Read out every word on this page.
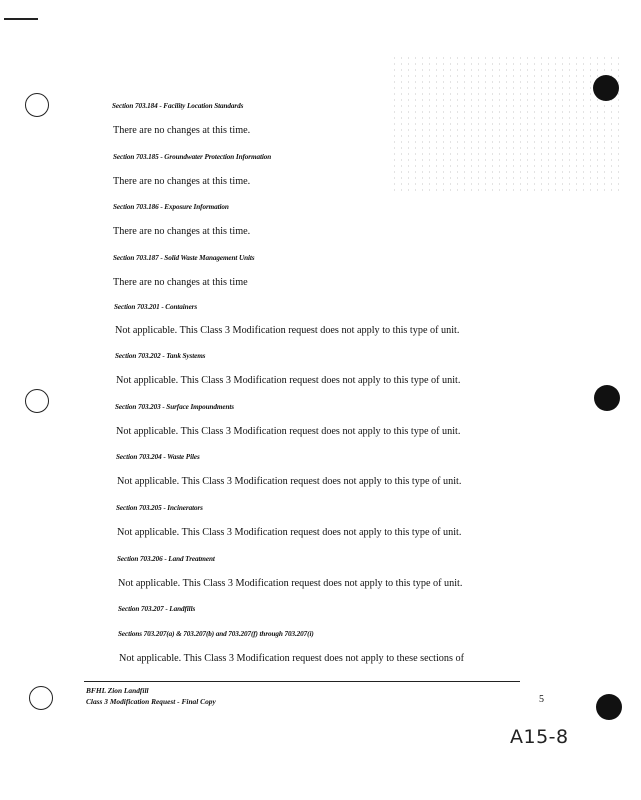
Section 703.184 - Facility Location Standards
There are no changes at this time.
Section 703.185 - Groundwater Protection Information
There are no changes at this time.
Section 703.186 - Exposure Information
There are no changes at this time.
Section 703.187 - Solid Waste Management Units
There are no changes at this time
Section 703.201 - Containers
Not applicable. This Class 3 Modification request does not apply to this type of unit.
Section 703.202 - Tank Systems
Not applicable. This Class 3 Modification request does not apply to this type of unit.
Section 703.203 - Surface Impoundments
Not applicable. This Class 3 Modification request does not apply to this type of unit.
Section 703.204 - Waste Piles
Not applicable. This Class 3 Modification request does not apply to this type of unit.
Section 703.205 - Incinerators
Not applicable. This Class 3 Modification request does not apply to this type of unit.
Section 703.206 - Land Treatment
Not applicable. This Class 3 Modification request does not apply to this type of unit.
Section 703.207 - Landfills
Sections 703.207(a) & 703.207(b) and 703.207(f) through 703.207(i)
Not applicable. This Class 3 Modification request does not apply to these sections of
BFHL Zion Landfill
Class 3 Modification Request - Final Copy	5
A15-8
